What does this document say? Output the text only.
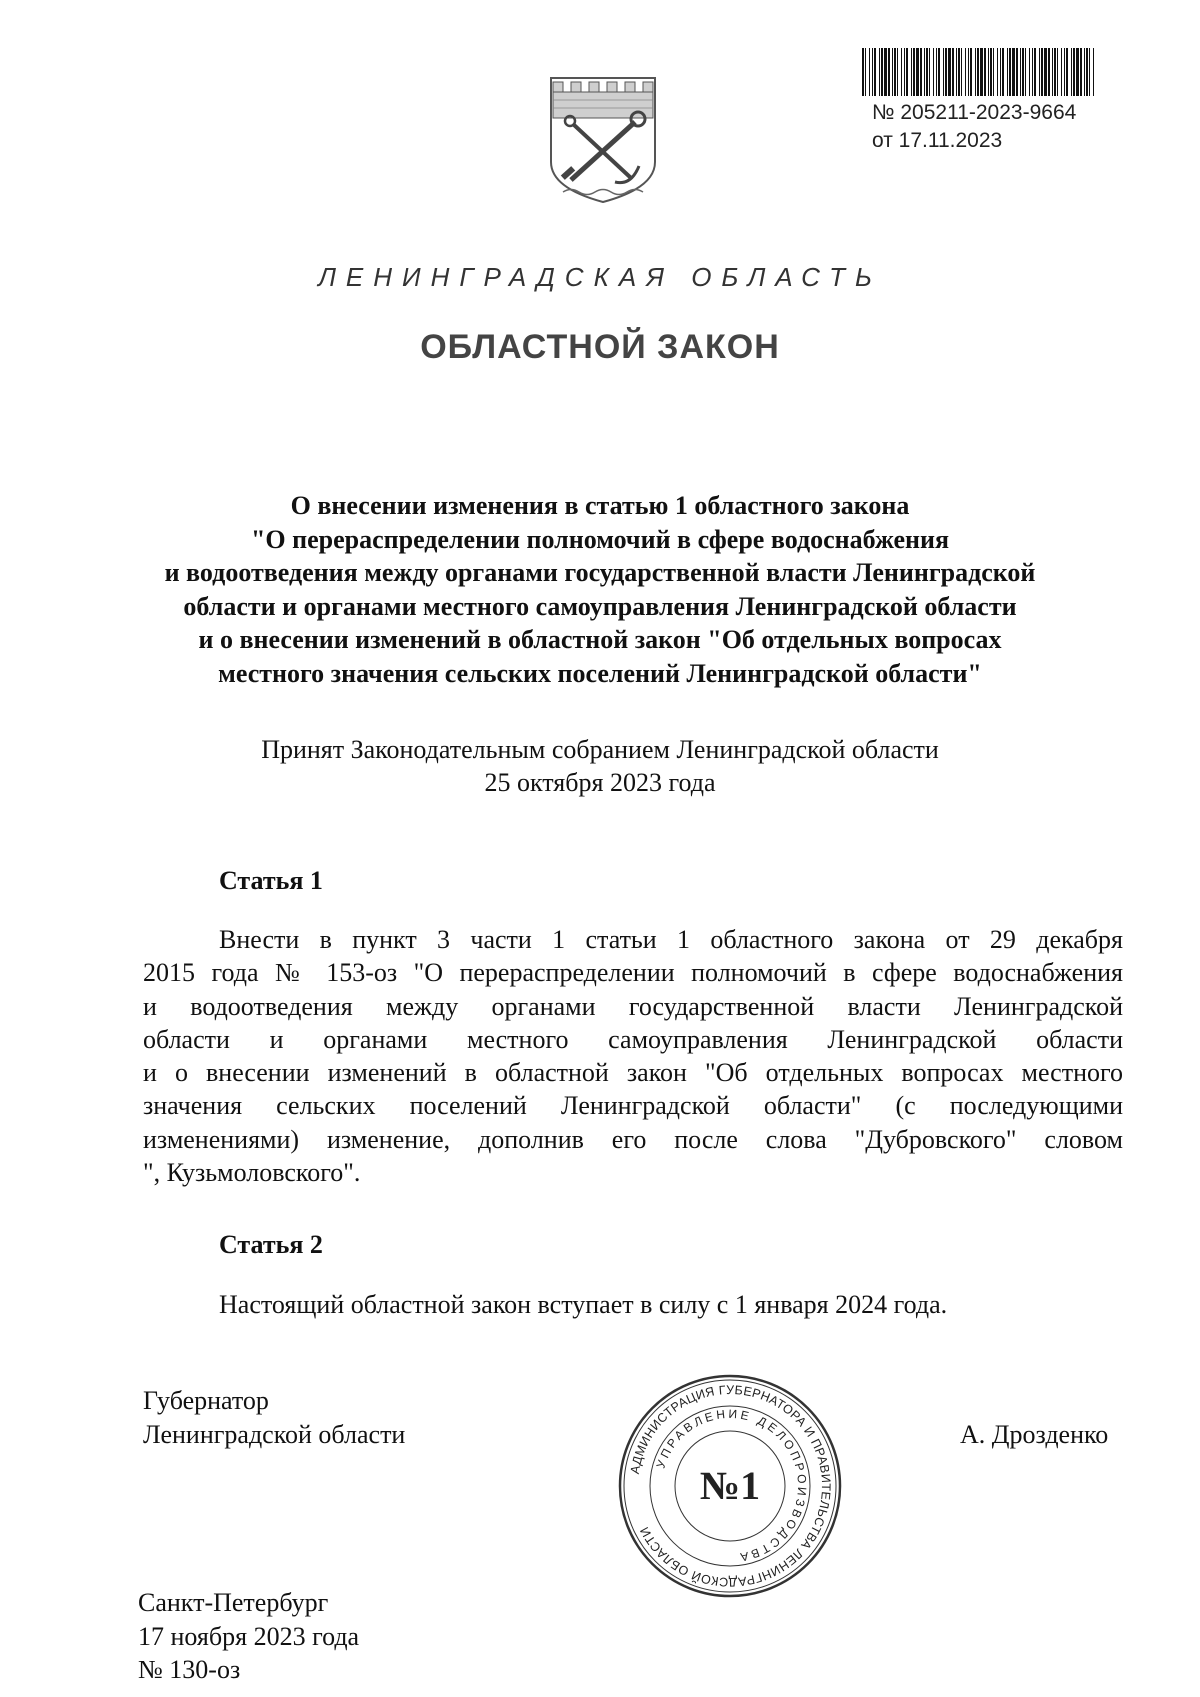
№ 205211-2023-9664
от 17.11.2023
ЛЕНИНГРАДСКАЯ ОБЛАСТЬ
ОБЛАСТНОЙ ЗАКОН
О внесении изменения в статью 1 областного закона
"О перераспределении полномочий в сфере водоснабжения
и водоотведения между органами государственной власти Ленинградской
области и органами местного самоуправления Ленинградской области
и о внесении изменений в областной закон "Об отдельных вопросах
местного значения сельских поселений Ленинградской области"
Принят Законодательным собранием Ленинградской области
25 октября 2023 года
Статья 1
Внести в пункт 3 части 1 статьи 1 областного закона от 29 декабря
2015 года № 153-оз "О перераспределении полномочий в сфере водоснабжения
и водоотведения между органами государственной власти Ленинградской
области и органами местного самоуправления Ленинградской области
и о внесении изменений в областной закон "Об отдельных вопросах местного
значения сельских поселений Ленинградской области" (с последующими
изменениями) изменение, дополнив его после слова "Дубровского" словом
", Кузьмоловского".
Статья 2
Настоящий областной закон вступает в силу с 1 января 2024 года.
Губернатор
Ленинградской области	А. Дрозденко
АДМИНИСТРАЦИЯ ГУБЕРНАТОРА И ПРАВИТЕЛЬСТВА ЛЕНИНГРАДСКОЙ ОБЛАСТИ
УПРАВЛЕНИЕ ДЕЛОПРОИЗВОДСТВА
№1
Санкт-Петербург
17 ноября 2023 года
№ 130-оз
